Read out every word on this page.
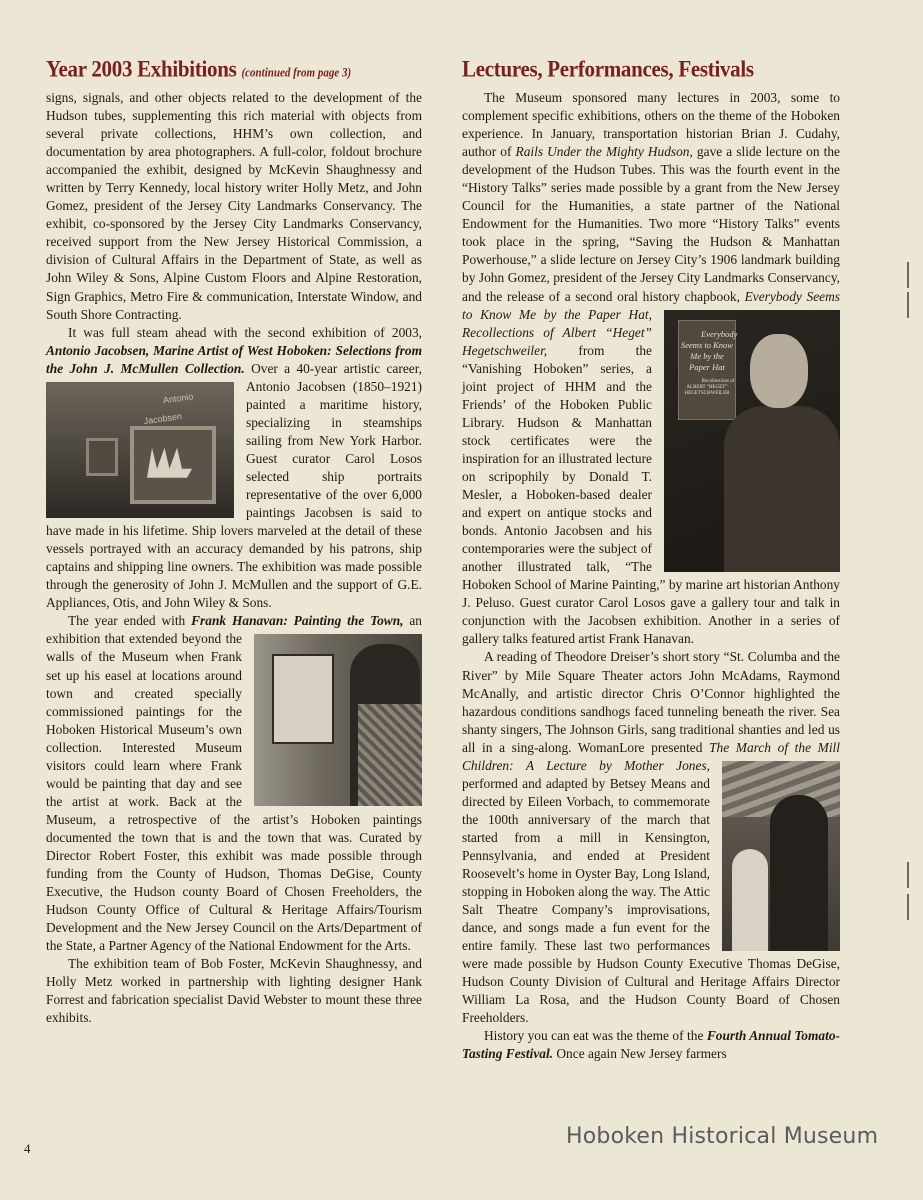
Year 2003 Exhibitions (continued from page 3)

signs, signals, and other objects related to the development of the Hudson tubes, supplementing this rich material with objects from several private collections, HHM’s own collection, and documentation by area photographers. A full-color, foldout brochure accompanied the exhibit, designed by McKevin Shaughnessy and written by Terry Kennedy, local history writer Holly Metz, and John Gomez, president of the Jersey City Landmarks Conservancy. The exhibit, co-sponsored by the Jersey City Landmarks Conservancy, received support from the New Jersey Historical Commission, a division of Cultural Affairs in the Department of State, as well as John Wiley & Sons, Alpine Custom Floors and Alpine Restoration, Sign Graphics, Metro Fire & communication, Interstate Window, and South Shore Contracting.

It was full steam ahead with the second exhibition of 2003, Antonio Jacobsen, Marine Artist of West Hoboken: Selections from the John J. McMullen Collection.
Antonio Jacobsen
Over a 40-year artistic career, Antonio Jacobsen (1850–1921) painted a maritime history, specializing in steamships sailing from New York Harbor. Guest curator Carol Losos selected ship portraits representative of the over 6,000 paintings Jacobsen is said to have made in his lifetime. Ship lovers marveled at the detail of these vessels portrayed with an accuracy demanded by his patrons, ship captains and shipping line owners. The exhibition was made possible through the generosity of John J. McMullen and the support of G.E. Appliances, Otis, and John Wiley & Sons.

The year ended with Frank Hanavan: Painting the Town,
an exhibition that extended beyond the walls of the Museum when Frank set up his easel at locations around town and created specially commissioned paintings for the Hoboken Historical Museum’s own collection. Interested Museum visitors could learn where Frank would be painting that day and see the artist at work. Back at the Museum, a retrospective of the artist’s Hoboken paintings documented the town that is and the town that was. Curated by Director Robert Foster, this exhibit was made possible through funding from the County of Hudson, Thomas DeGise, County Executive, the Hudson county Board of Chosen Freeholders, the Hudson County Office of Cultural & Heritage Affairs/Tourism Development and the New Jersey Council on the Arts/Department of the State, a Partner Agency of the National Endowment for the Arts.

The exhibition team of Bob Foster, McKevin Shaughnessy, and Holly Metz worked in partnership with lighting designer Hank Forrest and fabrication specialist David Webster to mount these three exhibits.

Lectures, Performances, Festivals

The Museum sponsored many lectures in 2003, some to complement specific exhibitions, others on the theme of the Hoboken experience. In January, transportation historian Brian J. Cudahy, author of Rails Under the Mighty Hudson, gave a slide lecture on the development of the Hudson Tubes. This was the fourth event in the “History Talks” series made possible by a grant from the New Jersey Council for the Humanities, a state partner of the National Endowment for the Humanities. Two more “History Talks” events took place in the spring, “Saving the Hudson & Manhattan Powerhouse,” a slide lecture on Jersey City’s 1906 landmark building by John Gomez, president of the Jersey City Landmarks Conservancy, and the release of a second oral history chapbook,
Everybody Seems to Know Me by the Paper Hat
Recollections of ALBERT “HEGET” HEGETSCHWEILER
Everybody Seems to Know Me by the Paper Hat, Recollections of Albert “Heget” Hegetschweiler, from the “Vanishing Hoboken” series, a joint project of HHM and the Friends’ of the Hoboken Public Library. Hudson & Manhattan stock certificates were the inspiration for an illustrated lecture on scripophily by Donald T. Mesler, a Hoboken-based dealer and expert on antique stocks and bonds. Antonio Jacobsen and his contemporaries were the subject of another illustrated talk, “The Hoboken School of Marine Painting,” by marine art historian Anthony J. Peluso. Guest curator Carol Losos gave a gallery tour and talk in conjunction with the Jacobsen exhibition. Another in a series of gallery talks featured artist Frank Hanavan.

A reading of Theodore Dreiser’s short story “St. Columba and the River” by Mile Square Theater actors John McAdams, Raymond McAnally, and artistic director Chris O’Connor highlighted the hazardous conditions sandhogs faced tunneling beneath the river. Sea shanty singers, The Johnson Girls, sang traditional shanties and led us all in a sing-along. WomanLore presented The March of the Mill Children: A Lecture by Mother Jones,
performed and adapted by Betsey Means and directed by Eileen Vorbach, to commemorate the 100th anniversary of the march that started from a mill in Kensington, Pennsylvania, and ended at President Roosevelt’s home in Oyster Bay, Long Island, stopping in Hoboken along the way. The Attic Salt Theatre Company’s improvisations, dance, and songs made a fun event for the entire family. These last two performances were made possible by Hudson County Executive Thomas DeGise, Hudson County Division of Cultural and Heritage Affairs Director William La Rosa, and the Hudson County Board of Chosen Freeholders.

History you can eat was the theme of the Fourth Annual Tomato-Tasting Festival. Once again New Jersey farmers

4	Hoboken Historical Museum
